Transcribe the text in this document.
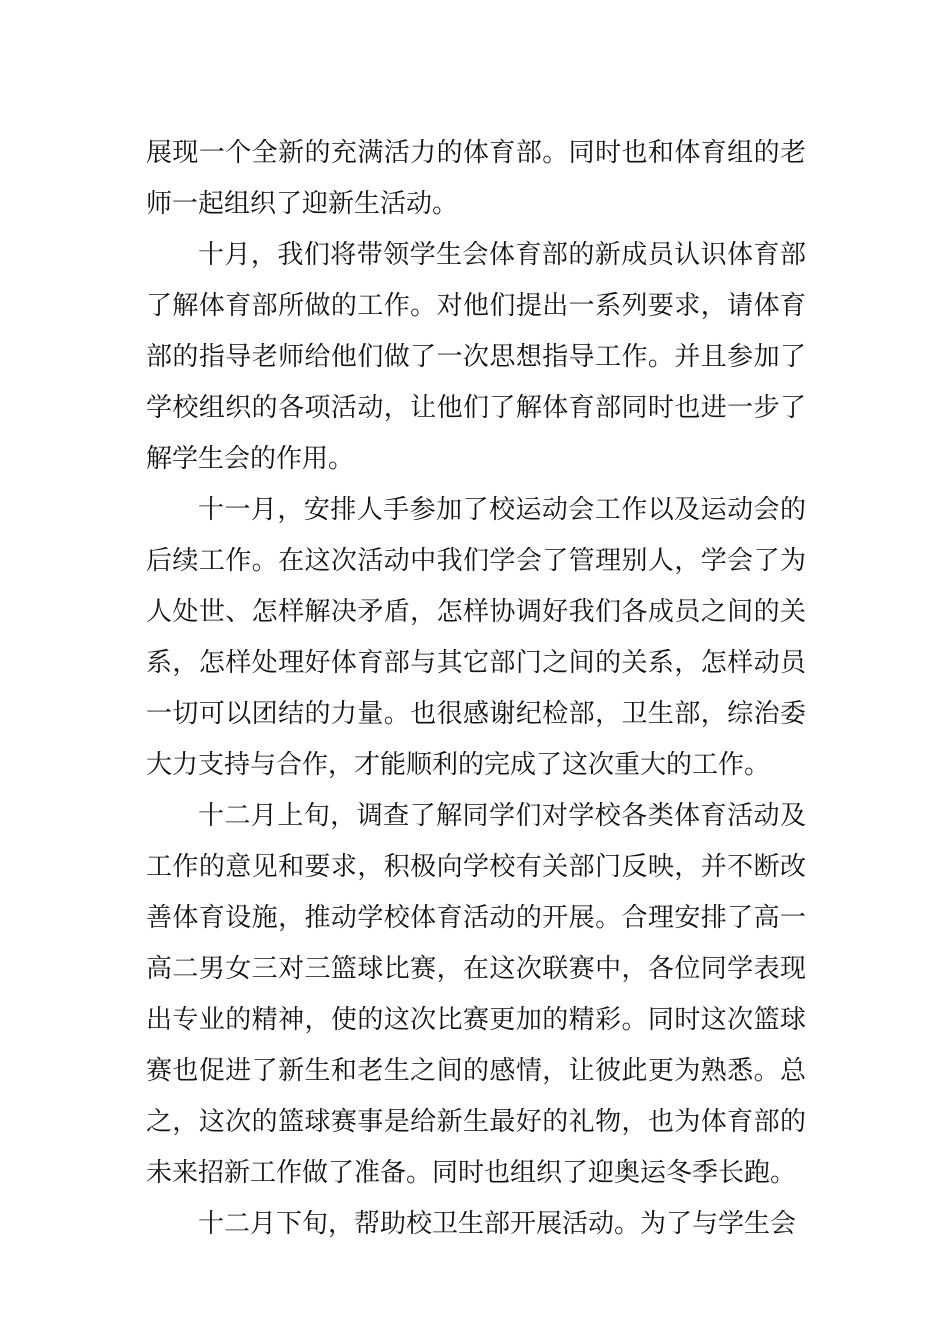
展现一个全新的充满活力的体育部。同时也和体育组的老
师一起组织了迎新生活动。
十月，我们将带领学生会体育部的新成员认识体育部
了解体育部所做的工作。对他们提出一系列要求，请体育
部的指导老师给他们做了一次思想指导工作。并且参加了
学校组织的各项活动，让他们了解体育部同时也进一步了
解学生会的作用。
十一月，安排人手参加了校运动会工作以及运动会的
后续工作。在这次活动中我们学会了管理别人，学会了为
人处世、怎样解决矛盾，怎样协调好我们各成员之间的关
系，怎样处理好体育部与其它部门之间的关系，怎样动员
一切可以团结的力量。也很感谢纪检部，卫生部，综治委
大力支持与合作，才能顺利的完成了这次重大的工作。
十二月上旬，调查了解同学们对学校各类体育活动及
工作的意见和要求，积极向学校有关部门反映，并不断改
善体育设施，推动学校体育活动的开展。合理安排了高一
高二男女三对三篮球比赛，在这次联赛中，各位同学表现
出专业的精神，使的这次比赛更加的精彩。同时这次篮球
赛也促进了新生和老生之间的感情，让彼此更为熟悉。总
之，这次的篮球赛事是给新生最好的礼物，也为体育部的
未来招新工作做了准备。同时也组织了迎奥运冬季长跑。
十二月下旬，帮助校卫生部开展活动。为了与学生会
